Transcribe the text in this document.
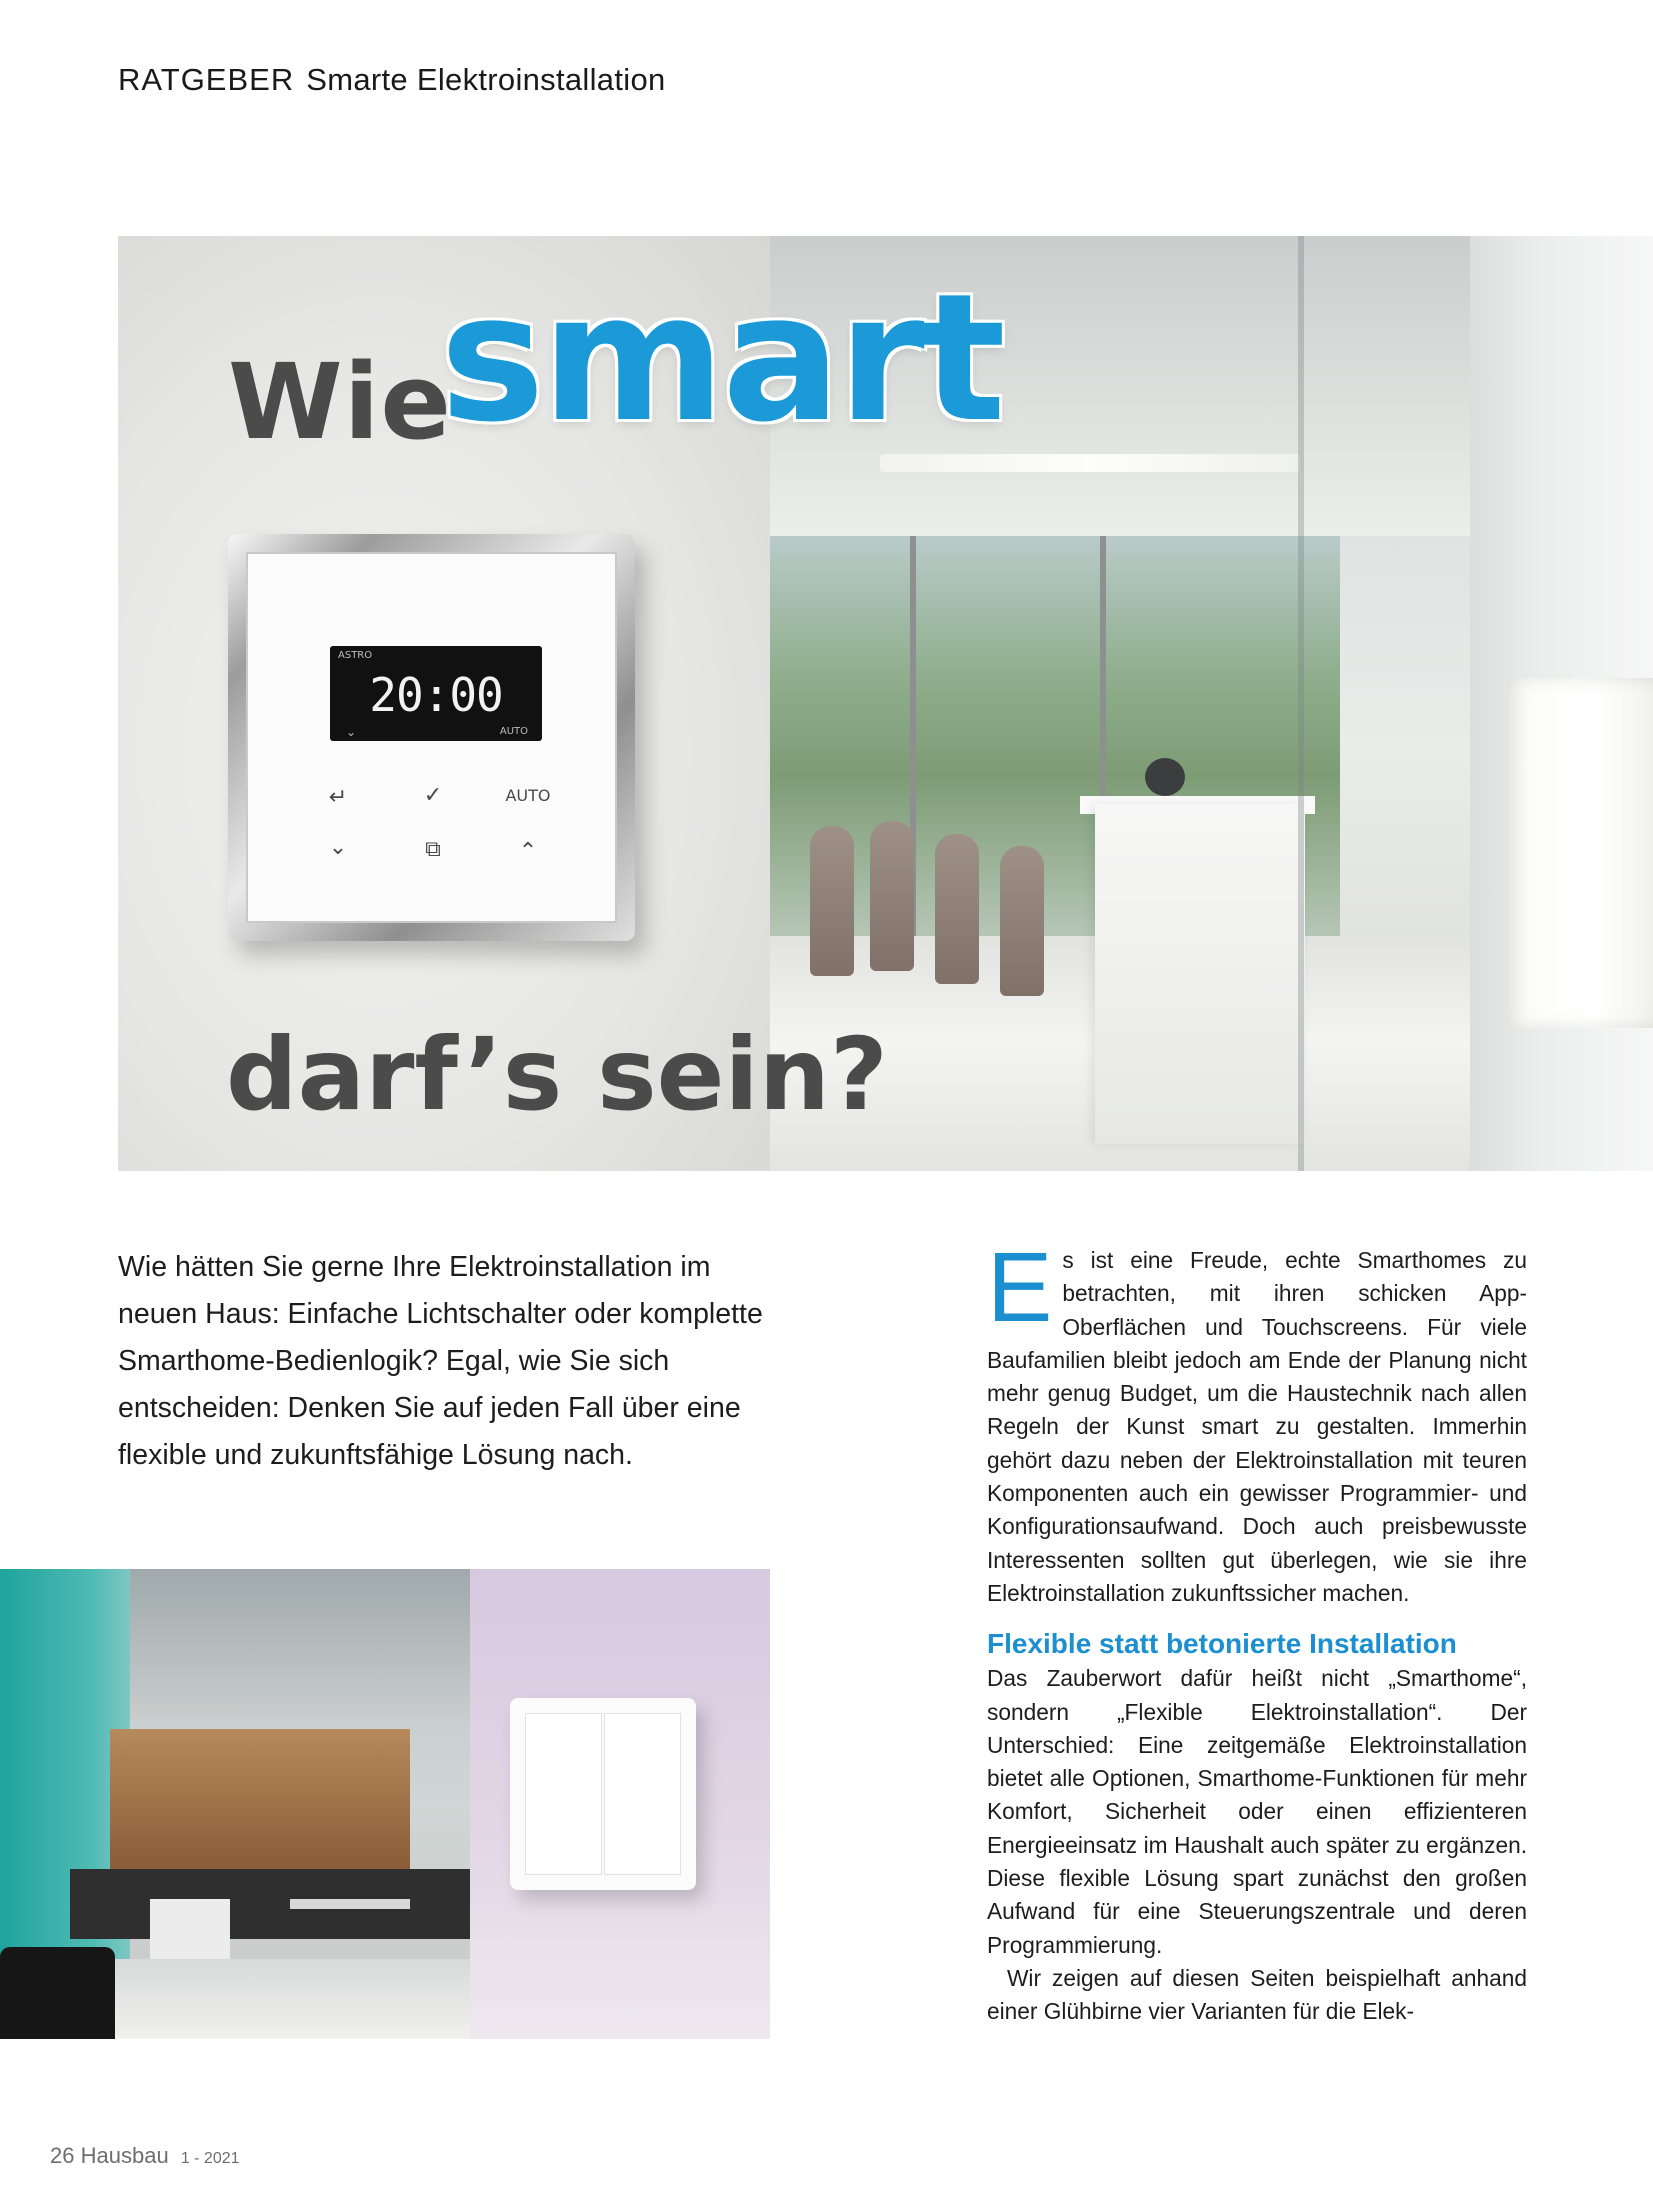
RATGEBER Smarte Elektroinstallation
Wie
smart
darf’s sein?
ASTRO
20:00
⌄	AUTO
↵	✓	AUTO
⌄	⧉	⌃

Wie hätten Sie gerne Ihre Elektroinstallation im neuen Haus: Einfache Lichtschalter oder komplette Smarthome-Bedienlogik? Egal, wie Sie sich entscheiden: Denken Sie auf jeden Fall über eine flexible und zukunftsfähige Lösung nach.

Es ist eine Freude, echte Smarthomes zu betrachten, mit ihren schicken App-Oberflächen und Touchscreens. Für viele Baufamilien bleibt jedoch am Ende der Planung nicht mehr genug Budget, um die Haustechnik nach allen Regeln der Kunst smart zu gestalten. Immerhin gehört dazu neben der Elektroinstallation mit teuren Komponenten auch ein gewisser Programmier- und Konfigurationsaufwand. Doch auch preisbewusste Interessenten sollten gut überlegen, wie sie ihre Elektroinstallation zukunftssicher machen.

Flexible statt betonierte Installation

Das Zauberwort dafür heißt nicht „Smarthome“, sondern „Flexible Elektroinstallation“. Der Unterschied: Eine zeitgemäße Elektroinstallation bietet alle Optionen, Smarthome-Funktionen für mehr Komfort, Sicherheit oder einen effizienteren Energieeinsatz im Haushalt auch später zu ergänzen. Diese flexible Lösung spart zunächst den großen Aufwand für eine Steuerungszentrale und deren Programmierung.

Wir zeigen auf diesen Seiten beispielhaft anhand einer Glühbirne vier Varianten für die Elek-

26 Hausbau 1 - 2021
